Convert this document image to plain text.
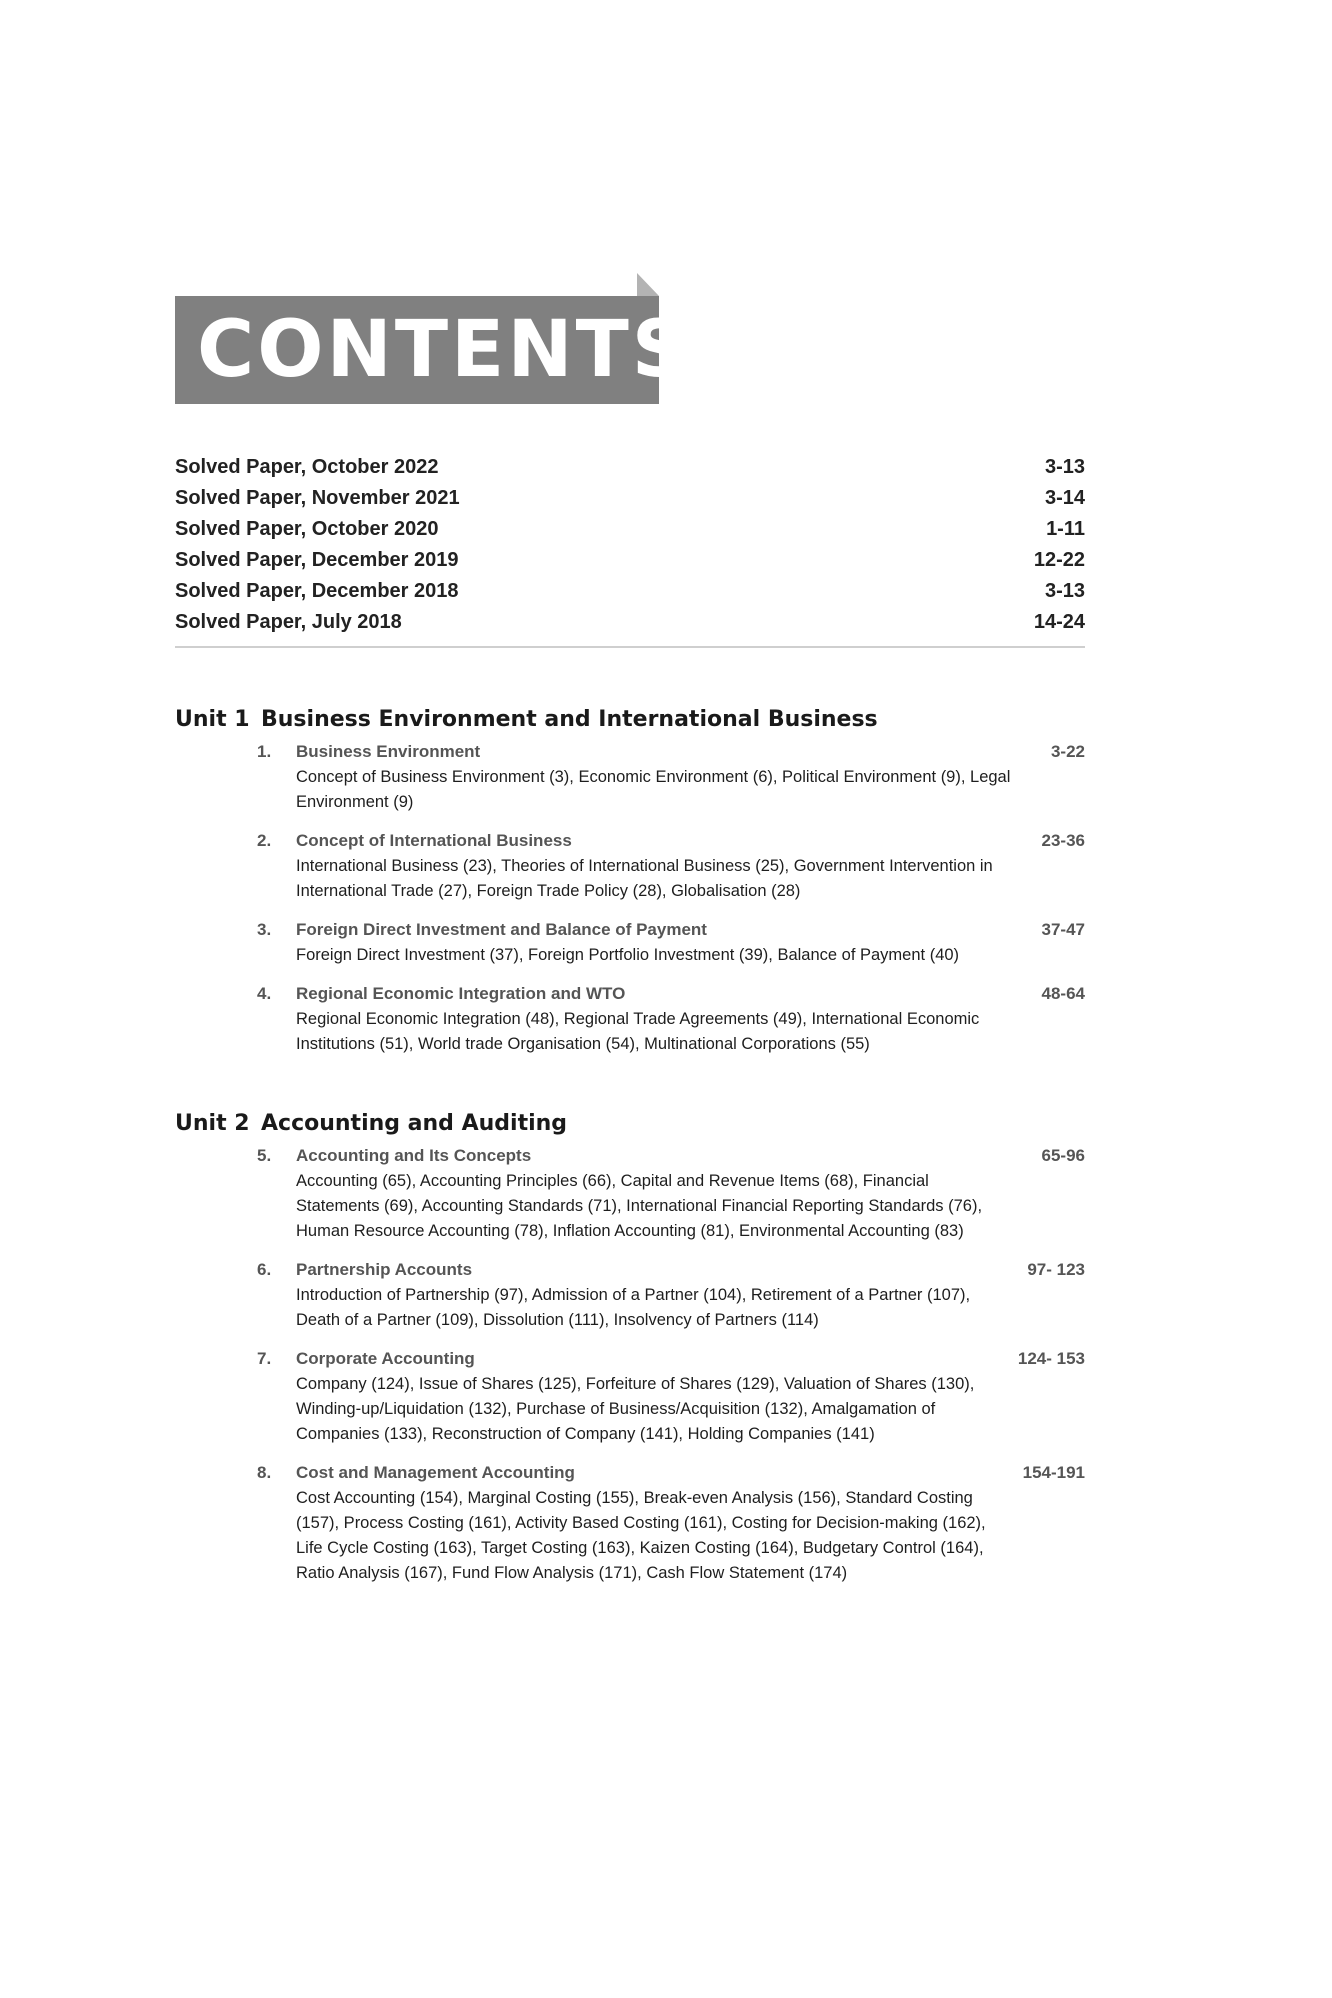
CONTENTS
Solved Paper, October 2022	3-13
Solved Paper, November 2021	3-14
Solved Paper, October 2020	1-11
Solved Paper, December 2019	12-22
Solved Paper, December 2018	3-13
Solved Paper, July 2018	14-24
Unit 1 Business Environment and International Business
1. Business Environment	3-22
Concept of Business Environment (3), Economic Environment (6), Political Environment (9), Legal Environment (9)
2. Concept of International Business	23-36
International Business (23), Theories of International Business (25), Government Intervention in International Trade (27), Foreign Trade Policy (28), Globalisation (28)
3. Foreign Direct Investment and Balance of Payment	37-47
Foreign Direct Investment (37), Foreign Portfolio Investment (39), Balance of Payment (40)
4. Regional Economic Integration and WTO	48-64
Regional Economic Integration (48), Regional Trade Agreements (49), International Economic Institutions (51), World trade Organisation (54), Multinational Corporations (55)
Unit 2 Accounting and Auditing
5. Accounting and Its Concepts	65-96
Accounting (65), Accounting Principles (66), Capital and Revenue Items (68), Financial Statements (69), Accounting Standards (71), International Financial Reporting Standards (76), Human Resource Accounting (78), Inflation Accounting (81), Environmental Accounting (83)
6. Partnership Accounts	97- 123
Introduction of Partnership (97), Admission of a Partner (104), Retirement of a Partner (107), Death of a Partner (109), Dissolution (111), Insolvency of Partners (114)
7. Corporate Accounting	124- 153
Company (124), Issue of Shares (125), Forfeiture of Shares (129), Valuation of Shares (130), Winding-up/Liquidation (132), Purchase of Business/Acquisition (132), Amalgamation of Companies (133), Reconstruction of Company (141), Holding Companies (141)
8. Cost and Management Accounting	154-191
Cost Accounting (154), Marginal Costing (155), Break-even Analysis (156), Standard Costing (157), Process Costing (161), Activity Based Costing (161), Costing for Decision-making (162), Life Cycle Costing (163), Target Costing (163), Kaizen Costing (164), Budgetary Control (164), Ratio Analysis (167), Fund Flow Analysis (171), Cash Flow Statement (174)
